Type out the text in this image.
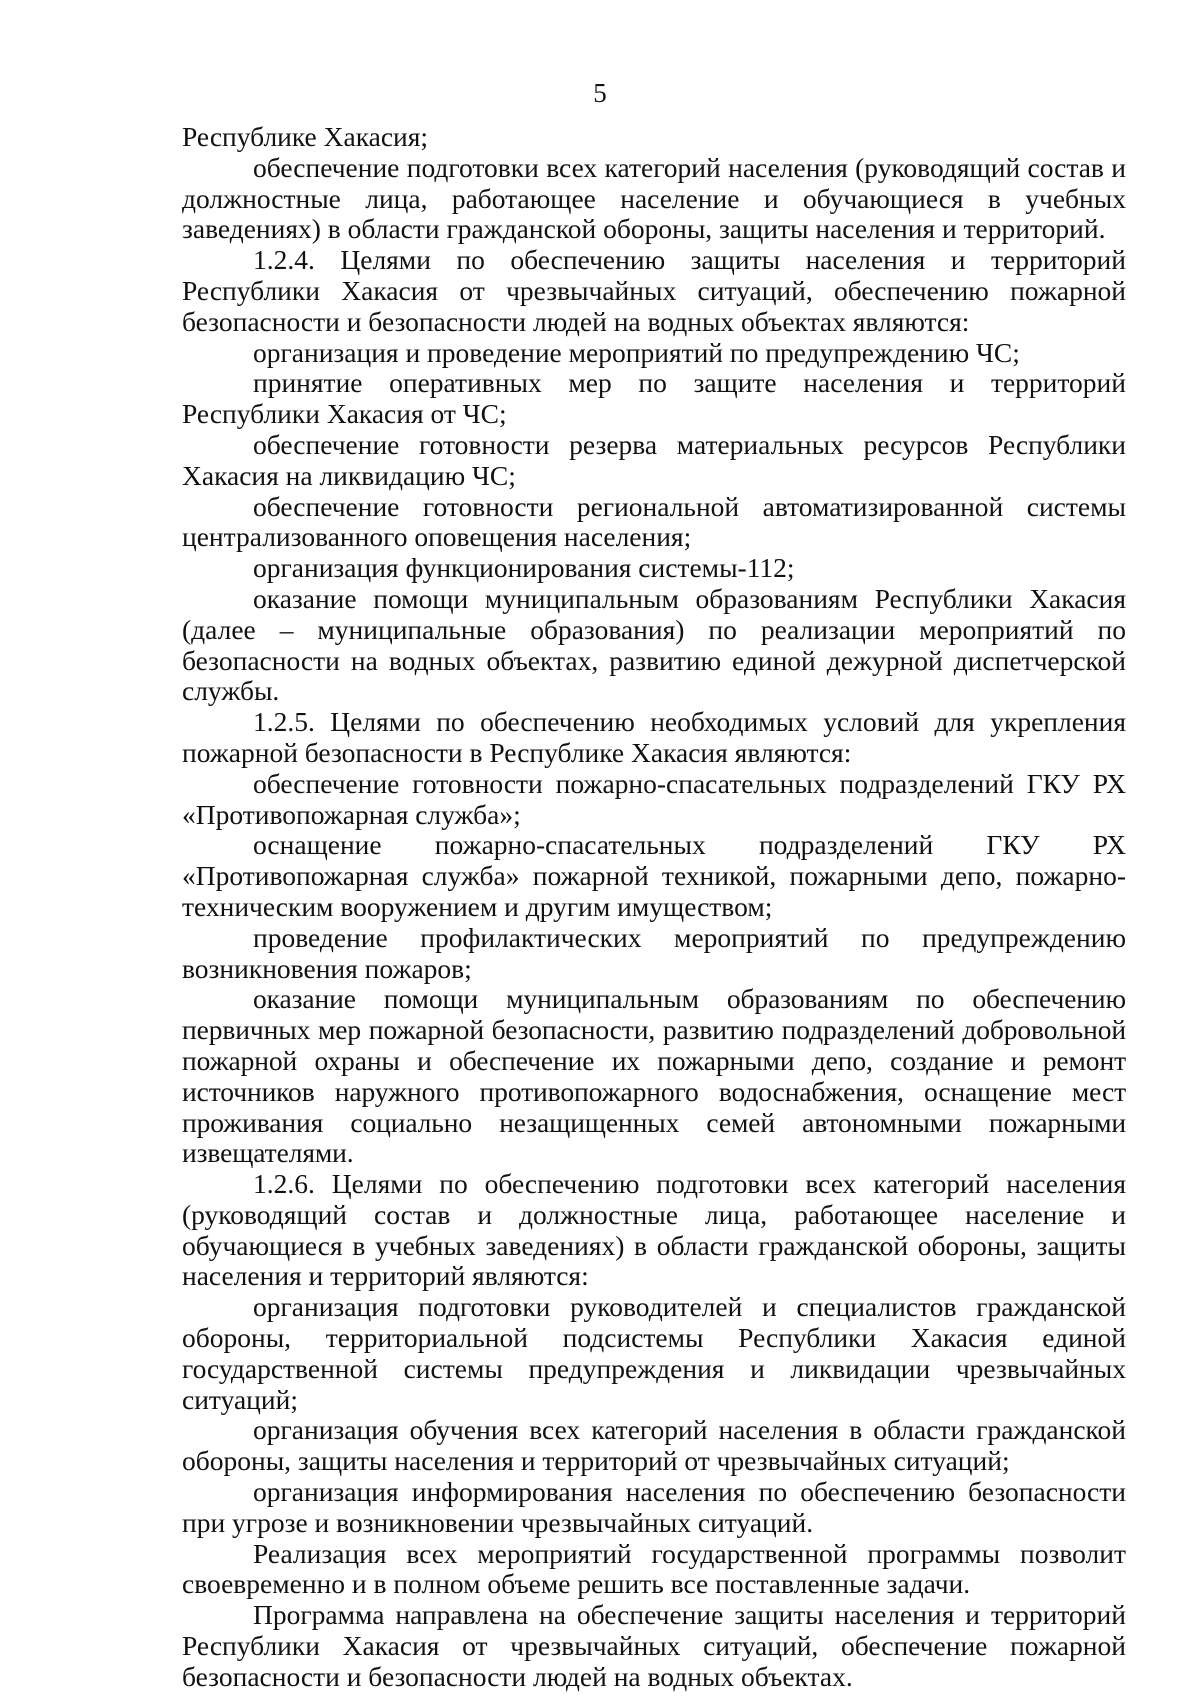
5

Республике Хакасия;

обеспечение подготовки всех категорий населения (руководящий состав и должностные лица, работающее население и обучающиеся в учебных заведениях) в области гражданской обороны, защиты населения и территорий.

1.2.4. Целями по обеспечению защиты населения и территорий Республики Хакасия от чрезвычайных ситуаций, обеспечению пожарной безопасности и безопасности людей на водных объектах являются:

организация и проведение мероприятий по предупреждению ЧС;

принятие оперативных мер по защите населения и территорий Республики Хакасия от ЧС;

обеспечение готовности резерва материальных ресурсов Республики Хакасия на ликвидацию ЧС;

обеспечение готовности региональной автоматизированной системы централизованного оповещения населения;

организация функционирования системы-112;

оказание помощи муниципальным образованиям Республики Хакасия (далее – муниципальные образования) по реализации мероприятий по безопасности на водных объектах, развитию единой дежурной диспетчерской службы.

1.2.5. Целями по обеспечению необходимых условий для укрепления пожарной безопасности в Республике Хакасия являются:

обеспечение готовности пожарно-спасательных подразделений ГКУ РХ «Противопожарная служба»;

оснащение пожарно-спасательных подразделений ГКУ РХ «Противопожарная служба» пожарной техникой, пожарными депо, пожарно-техническим вооружением и другим имуществом;

проведение профилактических мероприятий по предупреждению возникновения пожаров;

оказание помощи муниципальным образованиям по обеспечению первичных мер пожарной безопасности, развитию подразделений добровольной пожарной охраны и обеспечение их пожарными депо, создание и ремонт источников наружного противопожарного водоснабжения, оснащение мест проживания социально незащищенных семей автономными пожарными извещателями.

1.2.6. Целями по обеспечению подготовки всех категорий населения (руководящий состав и должностные лица, работающее население и обучающиеся в учебных заведениях) в области гражданской обороны, защиты населения и территорий являются:

организация подготовки руководителей и специалистов гражданской обороны, территориальной подсистемы Республики Хакасия единой государственной системы предупреждения и ликвидации чрезвычайных ситуаций;

организация обучения всех категорий населения в области гражданской обороны, защиты населения и территорий от чрезвычайных ситуаций;

организация информирования населения по обеспечению безопасности при угрозе и возникновении чрезвычайных ситуаций.

Реализация всех мероприятий государственной программы позволит своевременно и в полном объеме решить все поставленные задачи.

Программа направлена на обеспечение защиты населения и территорий Республики Хакасия от чрезвычайных ситуаций, обеспечение пожарной безопасности и безопасности людей на водных объектах.
